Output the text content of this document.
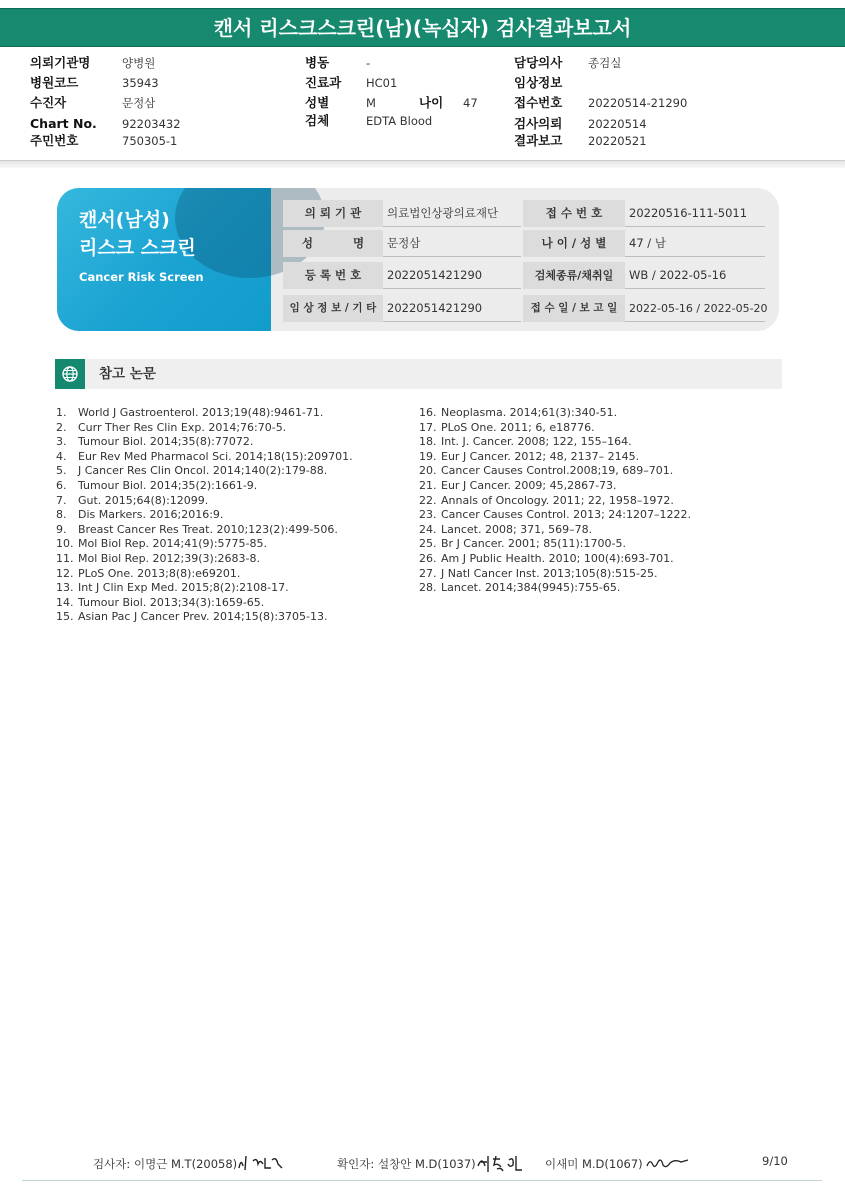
캔서 리스크스크린(남)(녹십자) 검사결과보고서
의뢰기관명	양병원
병원코드	35943
수진자	문정삼
Chart No. 92203432
주민번호	750305-1
병동	-
진료과 HC01
성별	M	나이 47
검체	EDTA Blood
담당의사 종검실
임상정보
접수번호 20220514-21290
검사의뢰 20220514
결과보고 20220521
캔서(남성)
리스크 스크린
Cancer Risk Screen
의 뢰 기 관	의료법인상광의료재단	접 수 번 호	20220516-111-5011
성          명	문정삼	나 이 / 성 별	47 / 남
등 록 번 호	2022051421290	검체종류/채취일	WB / 2022-05-16
임 상 정 보 / 기 타 2022051421290	접 수 일 / 보 고 일	2022-05-16 / 2022-05-20
참고 논문
1. World J Gastroenterol. 2013;19(48):9461-71.
2. Curr Ther Res Clin Exp. 2014;76:70-5.
3. Tumour Biol. 2014;35(8):77072.
4. Eur Rev Med Pharmacol Sci. 2014;18(15):209701.
5. J Cancer Res Clin Oncol. 2014;140(2):179-88.
6. Tumour Biol. 2014;35(2):1661-9.
7. Gut. 2015;64(8):12099.
8. Dis Markers. 2016;2016:9.
9. Breast Cancer Res Treat. 2010;123(2):499-506.
10. Mol Biol Rep. 2014;41(9):5775-85.
11. Mol Biol Rep. 2012;39(3):2683-8.
12. PLoS One. 2013;8(8):e69201.
13. Int J Clin Exp Med. 2015;8(2):2108-17.
14. Tumour Biol. 2013;34(3):1659-65.
15. Asian Pac J Cancer Prev. 2014;15(8):3705-13.
16. Neoplasma. 2014;61(3):340-51.
17. PLoS One. 2011; 6, e18776.
18. Int. J. Cancer. 2008; 122, 155–164.
19. Eur J Cancer. 2012; 48, 2137– 2145.
20. Cancer Causes Control.2008;19, 689–701.
21. Eur J Cancer. 2009; 45,2867-73.
22. Annals of Oncology. 2011; 22, 1958–1972.
23. Cancer Causes Control. 2013; 24:1207–1222.
24. Lancet. 2008; 371, 569–78.
25. Br J Cancer. 2001; 85(11):1700-5.
26. Am J Public Health. 2010; 100(4):693-701.
27. J Natl Cancer Inst. 2013;105(8):515-25.
28. Lancet. 2014;384(9945):755-65.
검사자: 이명근 M.T(20058)	확인자: 설창안 M.D(1037)	이새미 M.D(1067)	9/10
